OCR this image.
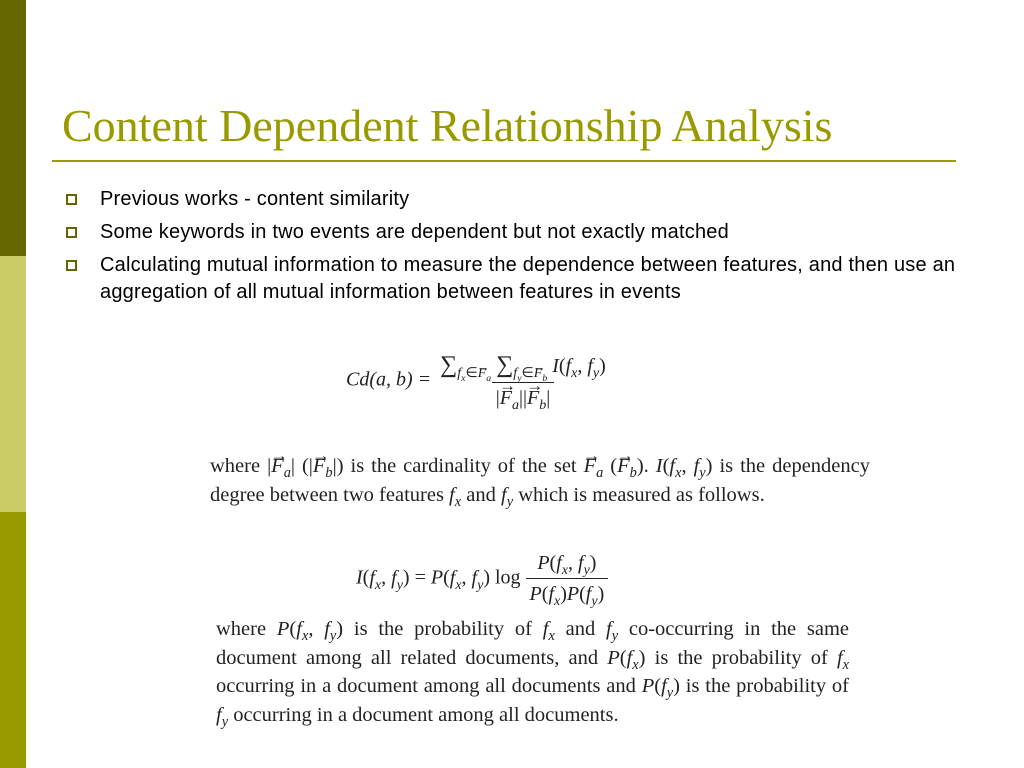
Content Dependent Relationship Analysis
Previous works - content similarity
Some keywords in two events are dependent but not exactly matched
Calculating mutual information to measure the dependence between features, and then use an aggregation of all mutual information between features in events
Cd(a, $b) = \frac{\sum_{f_x\in F_a} \sum_{f_y\in F_b} I(f_x, f_y)}{|\to F_a||\to F_b|}$
where |→ $F_a|$ (|→ $F_b|$) is the cardinality of the set → $F_a$ (→ $F_b$). $I(f_x$, $f_y$) is the dependency degree between two features $f_x$ and $f_y$ which is measured as follows.
$I(f_x$, $f_y) = P(f_x$, $f_y$) $\log \frac{P(f_x, f_y)}{P(f_x)P(f_y)}$
where $P(f_x$, $f_y$) is the probability of $f_x$ and $f_y$ co-occurring in the same document among all related documents, and $P(f_x)$ is the probability of $f_x$ occurring in a document among all documents and $P(f_y)$ is the probability of $f_y$ occurring in a document among all documents.
